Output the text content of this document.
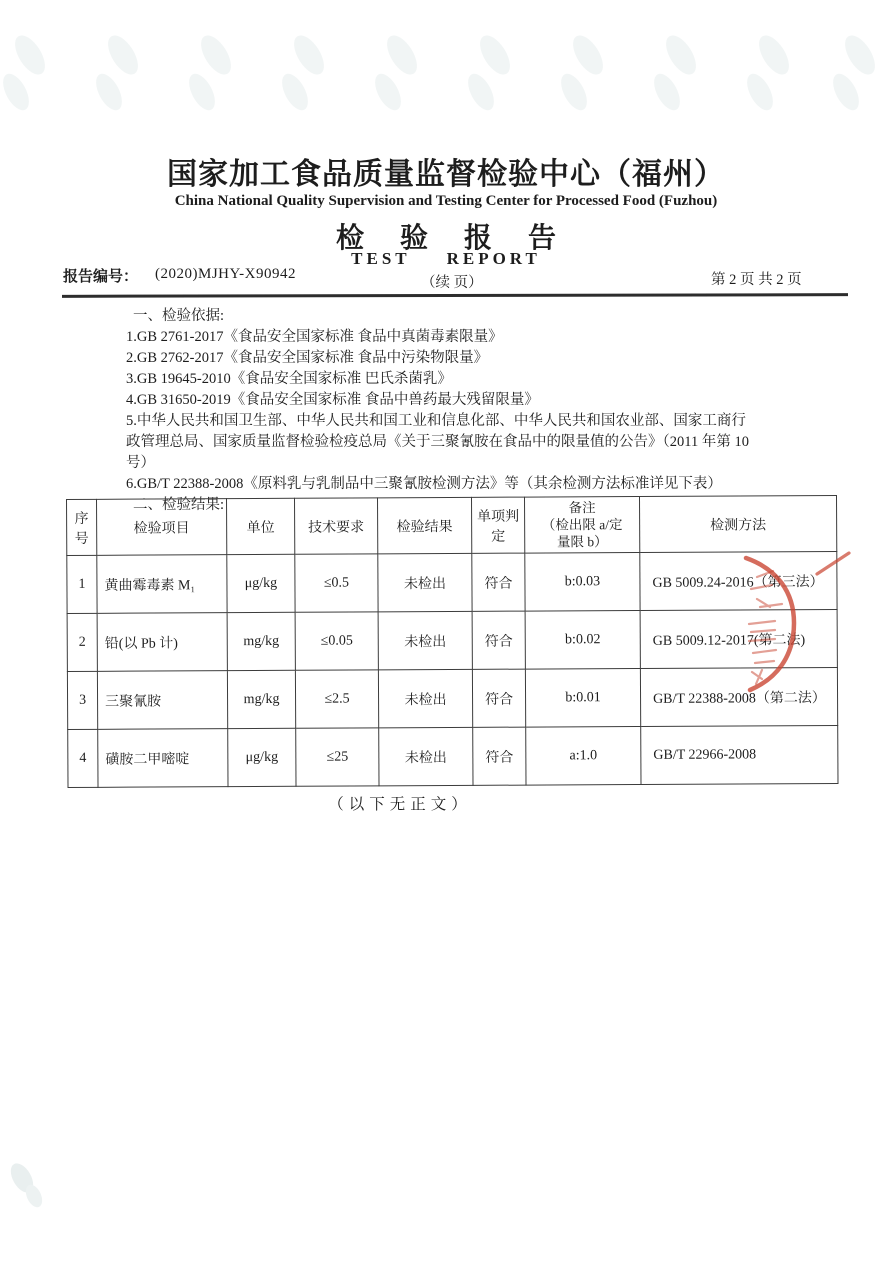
国家加工食品质量监督检验中心（福州）
China National Quality Supervision and Testing Center for Processed Food (Fuzhou)
检验报告
TEST REPORT
报告编号： (2020)MJHY-X90942
（续 页）	第 2 页 共 2 页
一、检验依据:
1.GB 2761-2017《食品安全国家标准 食品中真菌毒素限量》
2.GB 2762-2017《食品安全国家标准 食品中污染物限量》
3.GB 19645-2010《食品安全国家标准 巴氏杀菌乳》
4.GB 31650-2019《食品安全国家标准 食品中兽药最大残留限量》
5.中华人民共和国卫生部、中华人民共和国工业和信息化部、中华人民共和国农业部、国家工商行
政管理总局、国家质量监督检验检疫总局《关于三聚氰胺在食品中的限量值的公告》（2011 年第 10
号）
6.GB/T 22388-2008《原料乳与乳制品中三聚氰胺检测方法》等（其余检测方法标准详见下表）
二、检验结果:
序号	检验项目	单位	技术要求	检验结果	单项判定	备注
（检出限 a/定
量限 b）	检测方法
1	黄曲霉毒素 M₁	μg/kg	≤0.5	未检出	符合	b:0.03	GB 5009.24-2016（第三法）
2	铅(以 Pb 计)	mg/kg	≤0.05	未检出	符合	b:0.02	GB 5009.12-2017(第二法)
3	三聚氰胺	mg/kg	≤2.5	未检出	符合	b:0.01	GB/T 22388-2008（第二法）
4	磺胺二甲嘧啶	μg/kg	≤25	未检出	符合	a:1.0	GB/T 22966-2008
（以下无正文）
